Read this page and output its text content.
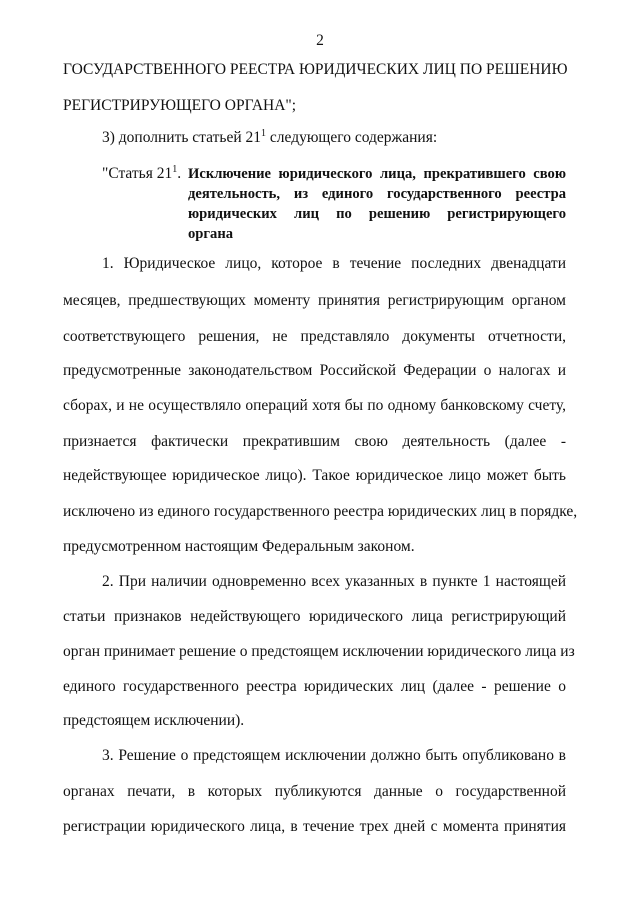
2
ГОСУДАРСТВЕННОГО РЕЕСТРА ЮРИДИЧЕСКИХ ЛИЦ ПО РЕШЕНИЮ
РЕГИСТРИРУЮЩЕГО ОРГАНА";
3) дополнить статьей $21^1$ следующего содержания:
"Статья $21^1$. Исключение юридического лица, прекратившего свою
деятельность, из единого государственного реестра
юридических лиц по решению регистрирующего
органа
1. Юридическое лицо, которое в течение последних двенадцати
месяцев, предшествующих моменту принятия регистрирующим органом
соответствующего решения, не представляло документы отчетности,
предусмотренные законодательством Российской Федерации о налогах и
сборах, и не осуществляло операций хотя бы по одному банковскому счету,
признается фактически прекратившим свою деятельность (далее -
недействующее юридическое лицо). Такое юридическое лицо может быть
исключено из единого государственного реестра юридических лиц в порядке,
предусмотренном настоящим Федеральным законом.
2. При наличии одновременно всех указанных в пункте 1 настоящей
статьи признаков недействующего юридического лица регистрирующий
орган принимает решение о предстоящем исключении юридического лица из
единого государственного реестра юридических лиц (далее - решение о
предстоящем исключении).
3. Решение о предстоящем исключении должно быть опубликовано в
органах печати, в которых публикуются данные о государственной
регистрации юридического лица, в течение трех дней с момента принятия
